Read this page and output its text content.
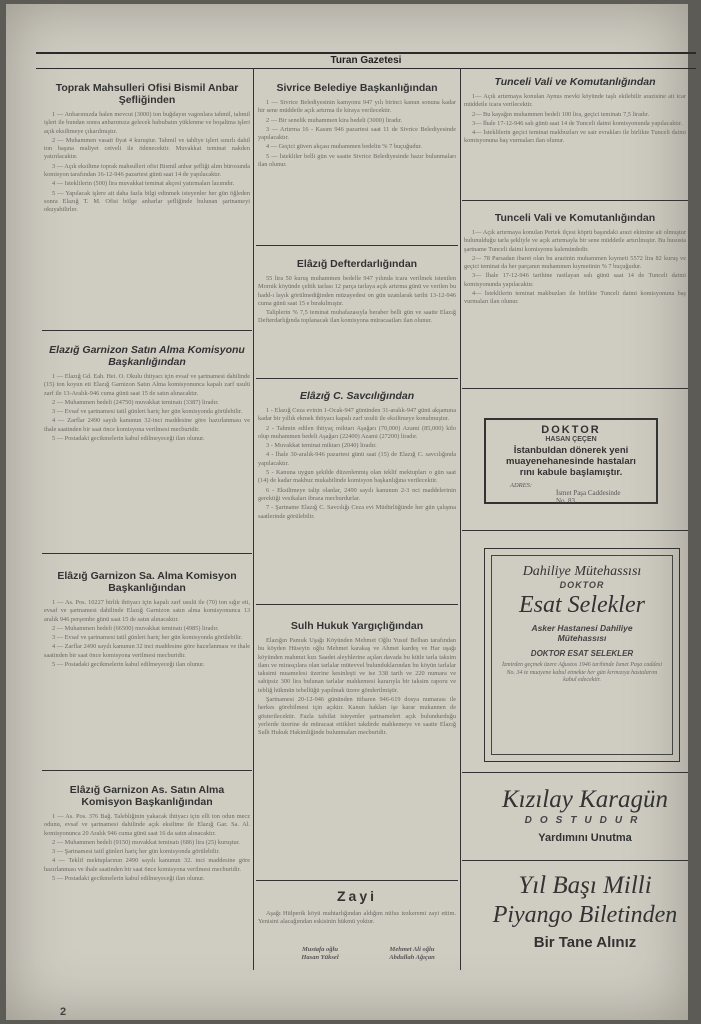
Turan Gazetesi
Toprak Mahsulleri Ofisi Bismil Anbar Şefliğinden

1 — Anbarımızda halen mevcut (3000) ton buğdayın vagonlara tahmil, tahmil işleri ile bundan sonra anbarımıza gelecek hububatın yüklenme ve boşaltma işleri açık eksiltmeye çıkarılmıştır.

2 — Muhammen vasati fiyat 4 kuruştur. Tahmil ve tahliye işleri sınırlı dahil ton başına maliyet cetveli ile ödenecektir. Muvakkat teminat nakden yatırılacaktır.

3 — Açık eksiltme toprak mahsulleri ofisi Bismil anbar şefliği alım bürosunda komisyon tarafından 16-12-946 pazartesi günü saat 14 de yapılacaktır.

4 — Isteklilerin (500) lira muvakkat teminat akçesi yatırmaları lazımdır.

5 — Yapılacak işlere ait daha fazla bilgi edinmek isteyenler her gün öğleden sonra Elazığ T. M. Ofisi bölge anbarlar şefliğinde bulunan şartnameyi okuyabilirler.

Elazığ Garnizon Satın Alma Komisyonu Başkanlığından

1 — Elazığ Gd. Eah. Hei. O. Okulu ihtiyacı için evsaf ve şartnamesi dahilinde (15) ton koyun eti Elazığ Garnizon Satın Alma komisyonunca kapalı zarf usulü zarf ile 13-Aralık-946 cuma günü saat 15 de satın alınacaktır.

2 — Muhammen bedeli (24750) muvakkat teminatı (3387) liradır.

3 — Evsaf ve şartnamesi tatil günleri hariç her gün komisyonda görülebilir.

4 — Zarflar 2490 sayılı kanunun 32-inci maddesine göre hazırlanması ve ihale saatinden bir saat önce komisyona verilmesi mecburidir.

5 — Postadaki gecikmelerin kabul edilmeyeceği ilan olunur.

Elâzığ Garnizon Sa. Alma Komisyon Başkanlığından

1 — As. Pos. 10227 birlik ihtiyacı için kapalı zarf usulü ile (70) ton sığır eti, evsaf ve şartnamesi dahilinde Elazığ Garnizon satın alma komisyonunca 13 aralık 946 perşembe günü saat 15 de satın alınacaktır.

2 — Muhammen bedeli (66500) muvakkat teminatı (4985) liradır.

3 — Evsaf ve şartnamesi tatil günleri hariç her gün komisyonda görülebilir.

4 — Zarflar 2490 sayılı kanunun 32 inci maddesine göre hazırlanması ve ihale saatinden bir saat önce komisyona verilmesi mecburidir.

5 — Postadaki gecikmelerin kabul edilmeyeceği ilan olunur.

Elâzığ Garnizon As. Satın Alma Komisyon Başkanlığından

1 — As. Pos. 376 Bağ. Talebliğinin yakacak ihtiyacı için elli ton odun mecz odunu, evsaf ve şartnamesi dahilinde açık eksiltme ile Elazığ Gar. Sa. Al. komisyonunca 20 Aralık 946 cuma günü saat 16 da satın alınacaktır.

2 — Muhammen bedeli (9150) muvakkat teminatı (686) lira (25) kuruştur.

3 — Şartnamesi tatil günleri hariç her gün komisyonda görülebilir.

4 — Teklif mektuplarının 2490 sayılı kanunun 32. inci maddesine göre hazırlanması ve ihale saatinden bir saat önce komisyona verilmesi mecburidir.

5 — Postadaki gecikmelerin kabul edilmeyeceği ilan olunur.

Sivrice Belediye Başkanlığından

1 — Sivrice Belediyesinin kamyonu 947 yılı birinci kanun sonuna kadar bir sene müddetle açık artırma ile kiraya verilecektir.

2 — Bir senelik muhammen kira bedeli (3000) liradır.

3 — Artırma 16 - Kasım 946 pazartesi saat 11 de Sivrice Belediyesinde yapılacaktır.

4 — Geçici güven akçası muhammen bedelin % 7 buçuğudur.

5 — İstekliler belli gün ve saatte Sivrice Belediyesinde hazır bulunmaları ilan olunur.

Elâzığ Defterdarlığından

55 lira 50 kuruş muhammen bedelle 947 yılında icara verilmek istenilen Mornik köyünde çeltik tarlası 12 parça tarlaya açık artırma günü ve verilen bu hadd-ı layık görülmediğinden müzayedesi on gün uzatılarak tarihi 13-12-946 cuma günü saat 15 e bırakılmıştır.

Taliplerin % 7,5 teminat muhafazasıyla beraber belli gün ve saatte Elazığ Defterdarlığında toplanacak ilan komisyona müracaatları ilan olunur.

Elâzığ C. Savcılığından

1 - Elazığ Ceza evinin 1-Ocak-947 gününden 31-aralık-947 günü akşamına kadar bir yıllık ekmek ihtiyacı kapalı zarf usulü ile eksiltmeye konulmuştur.

2 - Tahmin edilen ihtiyaç miktarı Aşağarı (70,000) Azami (85,000) kilo olup muhammen bedeli Aşağarı (22400) Azami (27200) liradır.

3 - Muvakkat teminat miktarı (2040) liradır.

4 - İhale 30-aralık-946 pazartesi günü saat (15) de Elazığ C. savcılığında yapılacaktır.

5 - Kanuna uygun şekilde düzenlenmiş olan teklif mektupları o gün saat (14) de kadar makbuz mukabilinde komisyon başkanlığına verilecektir.

6 - Eksiltmeye talip olanlar, 2490 sayılı kanunun 2-3 nci maddelerinin gerektiği vesikaları ibraza mecburdurlar.

7 - Şartname Elazığ C. Savcılığı Ceza evi Müdürlüğünde her gün çalışma saatlerinde görülebilir.

Sulh Hukuk Yargıçlığından

Elazığın Pamuk Uşağı Köyünden Mehmet Oğlu Yusuf Belhan tarafından bu köyden Hüseyin oğlu Mehmet karakaş ve Ahmet kardeş ve Har uşağı köyünden mahmut kızı Saadet aleyhlerine açılan davada bu kütle tarla taksim ilanı ve mirasçılara olan tarlalar mütevvel bulunduklarından bu köyün tarlalar taksimi muamelesi üzerine kesinleşti ve ise 338 tarih ve 220 numara ve sahipsiz 300 lira bulunan tarlalar mahkemesi kararıyla bir taksim raporu ve tebliğ hükmün tebellüğü yapılmak üzere gönderilmiştir.

Şartnamesi 20-12-946 gününden itibaren 946-619 dosya numarası ile herkes görebilmesi için açıktır. Kanun hakları işe karar mukannen de gösterilecektir. Fazla tafsilat isteyenler şartnameleri açık bulundurduğu yerlerde üzerine de müracaat ettikleri takdirde mahkemeye ve saatte Elazığ Sulh Hukuk Hakimliğinde bulunmaları mecburidir.

Zayi

Aşağı Hülperik köyü muhtarlığından aldığım nüfus tezkeremi zayi ettim. Yenisini alacağımdan eskisinin hükmü yoktur.

Mustafa oğlu
Hasan Yüksel
Mehmet Ali oğlu
Abdullah Ağıçan
Tunceli Vali ve Komutanlığından

1— Açık artırmaya konulan Aynus mevki köyünde taşlı ekilebilir arazisine ait icar müddetle icara verilecektir.

2— Bu kayağın muhammen bedeli 100 lira, geçici teminatı 7,5 liradır.

3— İhale 17-12-946 salı günü saat 14 de Tunceli daimi komisyonunda yapılacaktır.

4— İsteklilerin geçici teminat makbuzları ve sair evrakları ile birlikte Tunceli daimi komisyonuna baş vurmaları ilan olunur.

Tunceli Vali ve Komutanlığından

1— Açık artırmaya konulan Pertek ilçesi köprü başındaki arazi ekimine ait olmuştur bulunulduğu tarla şekliyle ve açık artırmayla bir sene müddetle artırılmıştır. Bu hususta şartname Tunceli daimi komisyonu kalemindedir.

2— 78 Parsadan ibaret olan bu arazinin muhammen kıymeti 5572 lira 82 kuruş ve geçici teminat da her parçanın muhammen kıymetinin % 7 buçuğudur.

3— İhale 17-12-946 tarihine rastlayan salı günü saat 14 de Tunceli daimi komisyonunda yapılacaktır.

4— İsteklilerin teminat makbuzları ile birlikte Tunceli daimi komisyonuna baş vurmaları ilan olunur.

DOKTOR
HASAN ÇEÇEN
İstanbuldan dönerek yeni
muayenehanesinde hastaları
rını kabule başlamıştır.
ADRES:
İsmet Paşa Caddesinde
No. 83
Dahiliye Mütehassısı
DOKTOR
Esat Selekler
Asker Hastanesi Dahiliye
Mütehassısı
DOKTOR ESAT SELEKLER
İzmirden geçmek üzere Ağustos 1946 tarihinde İsmet Paşa caddesi No. 34 te muayene kabul etmekte her gün kırmızıya hastalarını kabul edecektir.
Kızılay Karagün
DOSTUDUR
Yardımını Unutma
Yıl Başı Milli
Piyango Biletinden
Bir Tane Alınız
2
